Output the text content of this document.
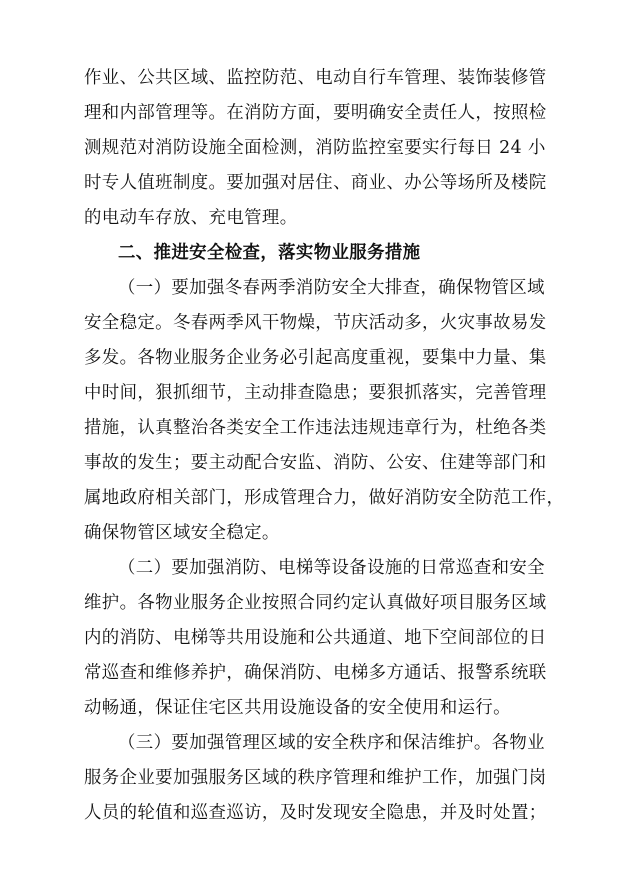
作业、公共区域、监控防范、电动自行车管理、装饰装修管
理和内部管理等。在消防方面，要明确安全责任人，按照检
测规范对消防设施全面检测，消防监控室要实行每日 24 小
时专人值班制度。要加强对居住、商业、办公等场所及楼院
的电动车存放、充电管理。
二、推进安全检查，落实物业服务措施
（一）要加强冬春两季消防安全大排查，确保物管区域
安全稳定。冬春两季风干物燥，节庆活动多，火灾事故易发
多发。各物业服务企业务必引起高度重视，要集中力量、集
中时间，狠抓细节，主动排查隐患；要狠抓落实，完善管理
措施，认真整治各类安全工作违法违规违章行为，杜绝各类
事故的发生；要主动配合安监、消防、公安、住建等部门和
属地政府相关部门，形成管理合力，做好消防安全防范工作，
确保物管区域安全稳定。
（二）要加强消防、电梯等设备设施的日常巡查和安全
维护。各物业服务企业按照合同约定认真做好项目服务区域
内的消防、电梯等共用设施和公共通道、地下空间部位的日
常巡查和维修养护，确保消防、电梯多方通话、报警系统联
动畅通，保证住宅区共用设施设备的安全使用和运行。
（三）要加强管理区域的安全秩序和保洁维护。各物业
服务企业要加强服务区域的秩序管理和维护工作，加强门岗
人员的轮值和巡查巡访，及时发现安全隐患，并及时处置；
